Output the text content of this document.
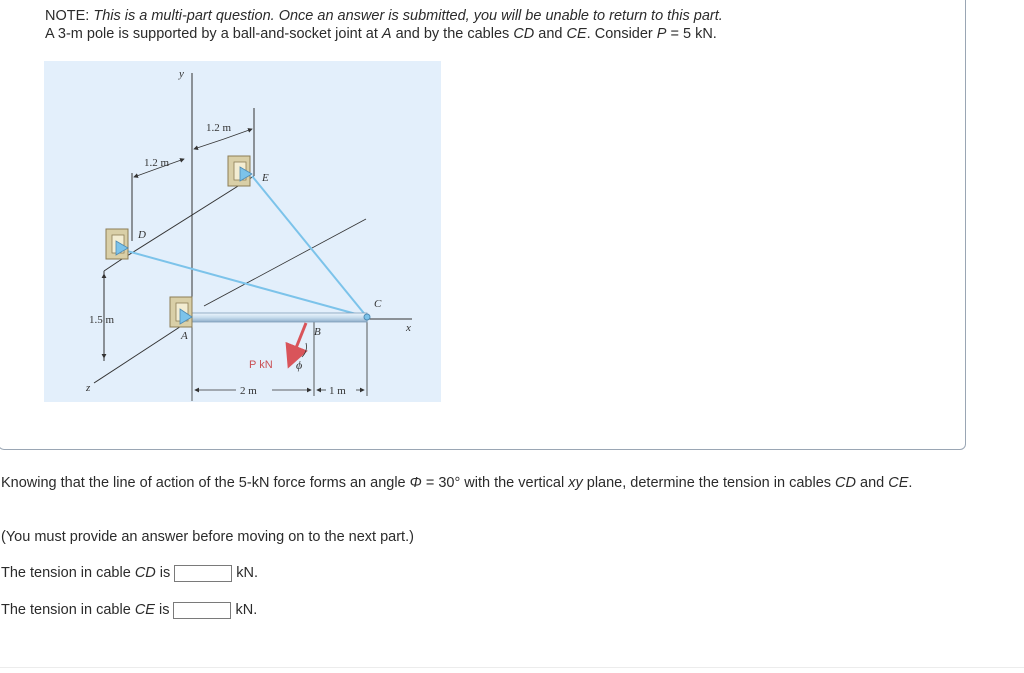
NOTE: This is a multi-part question. Once an answer is submitted, you will be unable to return to this part.
A 3-m pole is supported by a ball-and-socket joint at A and by the cables CD and CE. Consider P = 5 kN.
y
x
z
E
D
A	B
C
ϕ
P kN
1.2 m
1.2 m
1.5 m
2 m	1 m
Knowing that the line of action of the 5-kN force forms an angle Φ = 30° with the vertical xy plane, determine the tension in cables CD and CE.
(You must provide an answer before moving on to the next part.)
The tension in cable CD is	kN.
The tension in cable CE is	kN.
